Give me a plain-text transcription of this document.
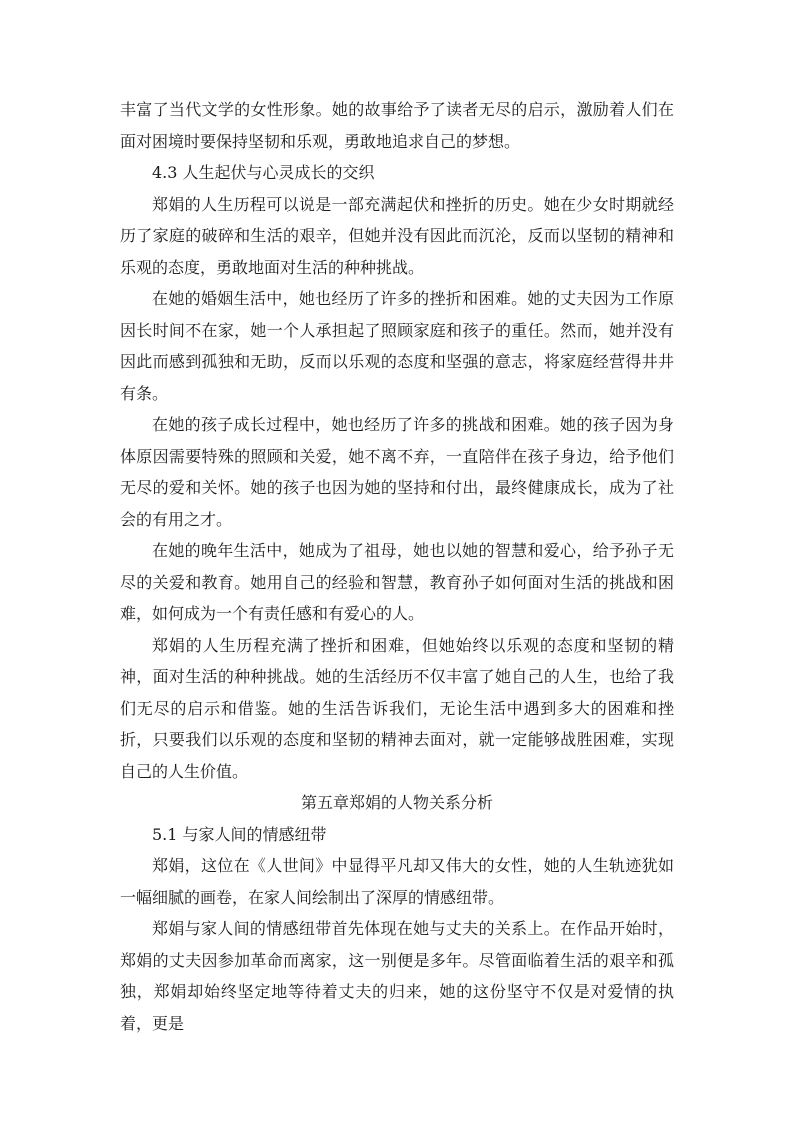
丰富了当代文学的女性形象。她的故事给予了读者无尽的启示，激励着人们在面对困境时要保持坚韧和乐观，勇敢地追求自己的梦想。

4.3 人生起伏与心灵成长的交织

郑娟的人生历程可以说是一部充满起伏和挫折的历史。她在少女时期就经历了家庭的破碎和生活的艰辛，但她并没有因此而沉沦，反而以坚韧的精神和乐观的态度，勇敢地面对生活的种种挑战。

在她的婚姻生活中，她也经历了许多的挫折和困难。她的丈夫因为工作原因长时间不在家，她一个人承担起了照顾家庭和孩子的重任。然而，她并没有因此而感到孤独和无助，反而以乐观的态度和坚强的意志，将家庭经营得井井有条。

在她的孩子成长过程中，她也经历了许多的挑战和困难。她的孩子因为身体原因需要特殊的照顾和关爱，她不离不弃，一直陪伴在孩子身边，给予他们无尽的爱和关怀。她的孩子也因为她的坚持和付出，最终健康成长，成为了社会的有用之才。

在她的晚年生活中，她成为了祖母，她也以她的智慧和爱心，给予孙子无尽的关爱和教育。她用自己的经验和智慧，教育孙子如何面对生活的挑战和困难，如何成为一个有责任感和有爱心的人。

郑娟的人生历程充满了挫折和困难，但她始终以乐观的态度和坚韧的精神，面对生活的种种挑战。她的生活经历不仅丰富了她自己的人生，也给了我们无尽的启示和借鉴。她的生活告诉我们，无论生活中遇到多大的困难和挫折，只要我们以乐观的态度和坚韧的精神去面对，就一定能够战胜困难，实现自己的人生价值。

第五章郑娟的人物关系分析

5.1 与家人间的情感纽带

郑娟，这位在《人世间》中显得平凡却又伟大的女性，她的人生轨迹犹如一幅细腻的画卷，在家人间绘制出了深厚的情感纽带。

郑娟与家人间的情感纽带首先体现在她与丈夫的关系上。在作品开始时，郑娟的丈夫因参加革命而离家，这一别便是多年。尽管面临着生活的艰辛和孤独，郑娟却始终坚定地等待着丈夫的归来，她的这份坚守不仅是对爱情的执着，更是
